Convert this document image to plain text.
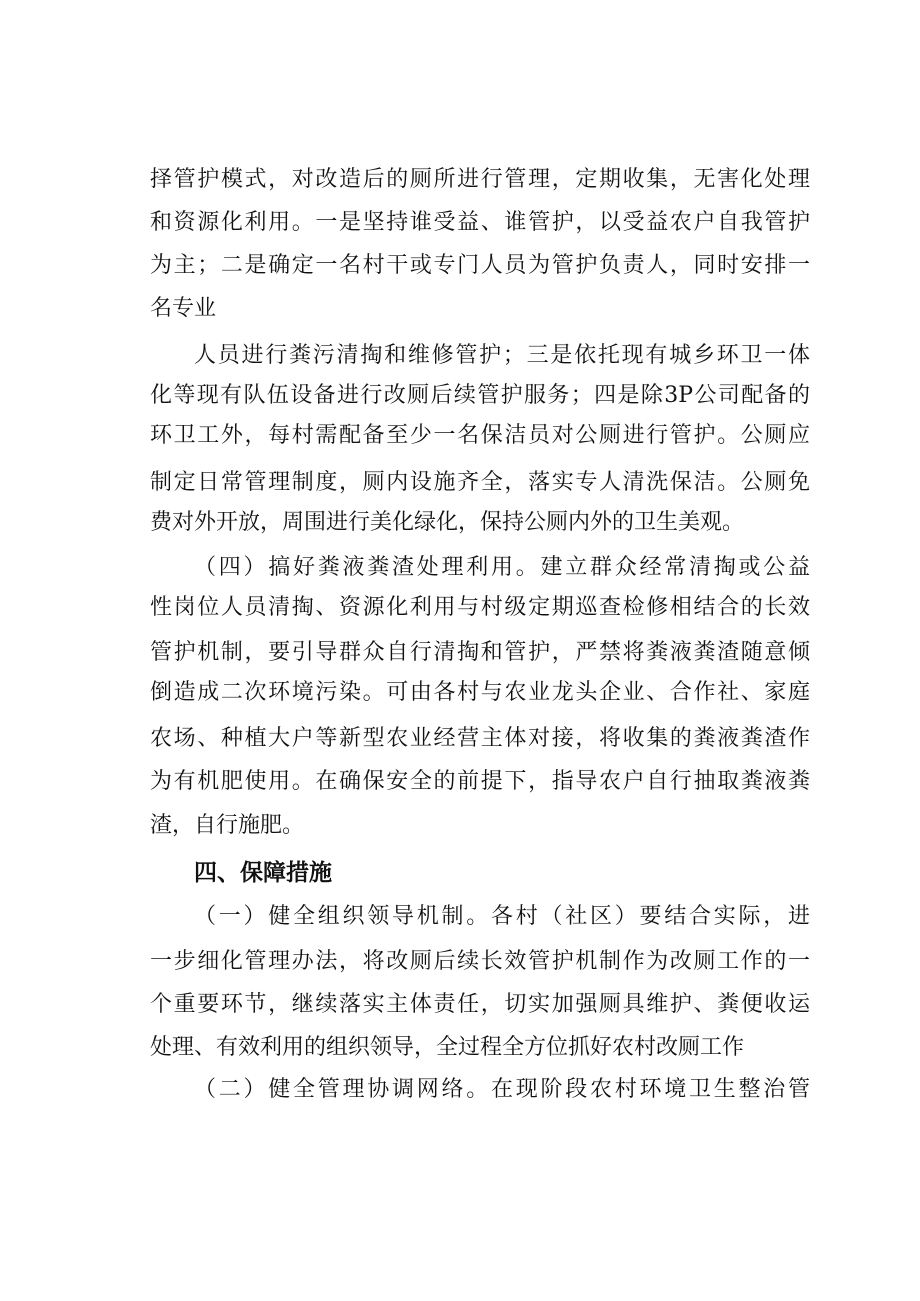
择管护模式，对改造后的厕所进行管理，定期收集，无害化处理
和资源化利用。一是坚持谁受益、谁管护，以受益农户自我管护
为主；二是确定一名村干或专门人员为管护负责人，同时安排一
名专业
人员进行粪污清掏和维修管护；三是依托现有城乡环卫一体
化等现有队伍设备进行改厕后续管护服务；四是除3P公司配备的
环卫工外，每村需配备至少一名保洁员对公厕进行管护。公厕应
制定日常管理制度，厕内设施齐全，落实专人清洗保洁。公厕免
费对外开放，周围进行美化绿化，保持公厕内外的卫生美观。
（四）搞好粪液粪渣处理利用。建立群众经常清掏或公益
性岗位人员清掏、资源化利用与村级定期巡查检修相结合的长效
管护机制，要引导群众自行清掏和管护，严禁将粪液粪渣随意倾
倒造成二次环境污染。可由各村与农业龙头企业、合作社、家庭
农场、种植大户等新型农业经营主体对接，将收集的粪液粪渣作
为有机肥使用。在确保安全的前提下，指导农户自行抽取粪液粪
渣，自行施肥。
四、保障措施
（一）健全组织领导机制。各村（社区）要结合实际，进
一步细化管理办法，将改厕后续长效管护机制作为改厕工作的一
个重要环节，继续落实主体责任，切实加强厕具维护、粪便收运
处理、有效利用的组织领导，全过程全方位抓好农村改厕工作
（二）健全管理协调网络。在现阶段农村环境卫生整治管
